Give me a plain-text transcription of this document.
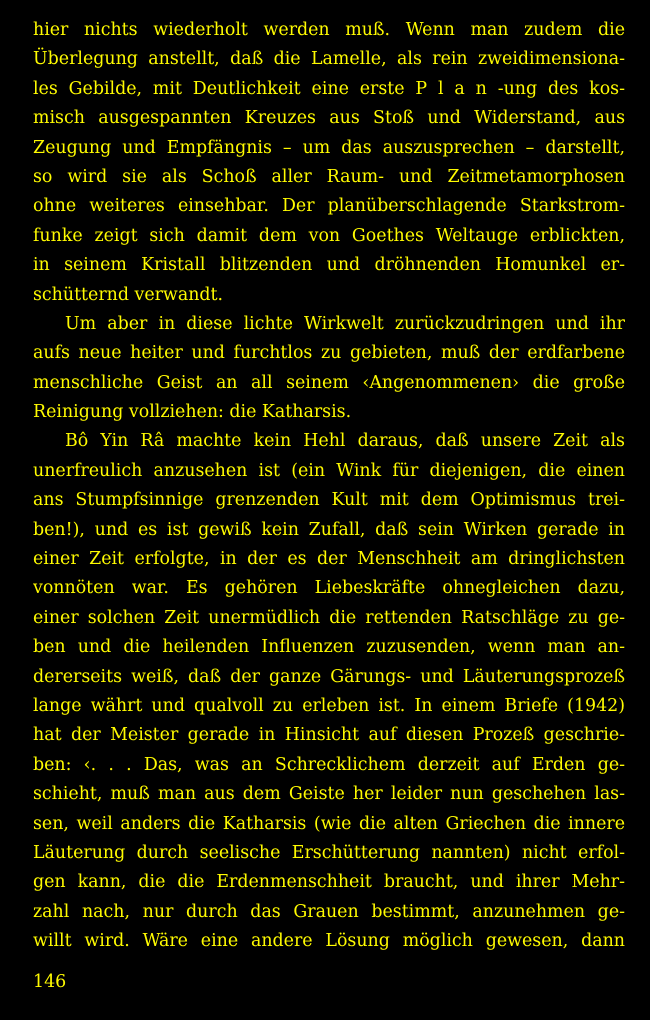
hier nichts wiederholt werden muß. Wenn man zudem die
Überlegung anstellt, daß die Lamelle, als rein zweidimensiona-
les Gebilde, mit Deutlichkeit eine erste P l a n -ung des kos-
misch ausgespannten Kreuzes aus Stoß und Widerstand, aus
Zeugung und Empfängnis – um das auszusprechen – darstellt,
so wird sie als Schoß aller Raum- und Zeitmetamorphosen
ohne weiteres einsehbar. Der planüberschlagende Starkstrom-
funke zeigt sich damit dem von Goethes Weltauge erblickten,
in seinem Kristall blitzenden und dröhnenden Homunkel er-
schütternd verwandt.
Um aber in diese lichte Wirkwelt zurückzudringen und ihr
aufs neue heiter und furchtlos zu gebieten, muß der erdfarbene
menschliche Geist an all seinem ‹Angenommenen› die große
Reinigung vollziehen: die Katharsis.
Bô Yin Râ machte kein Hehl daraus, daß unsere Zeit als
unerfreulich anzusehen ist (ein Wink für diejenigen, die einen
ans Stumpfsinnige grenzenden Kult mit dem Optimismus trei-
ben!), und es ist gewiß kein Zufall, daß sein Wirken gerade in
einer Zeit erfolgte, in der es der Menschheit am dringlichsten
vonnöten war. Es gehören Liebeskräfte ohnegleichen dazu,
einer solchen Zeit unermüdlich die rettenden Ratschläge zu ge-
ben und die heilenden Influenzen zuzusenden, wenn man an-
dererseits weiß, daß der ganze Gärungs- und Läuterungsprozeß
lange währt und qualvoll zu erleben ist. In einem Briefe (1942)
hat der Meister gerade in Hinsicht auf diesen Prozeß geschrie-
ben: ‹. . . Das, was an Schrecklichem derzeit auf Erden ge-
schieht, muß man aus dem Geiste her leider nun geschehen las-
sen, weil anders die Katharsis (wie die alten Griechen die innere
Läuterung durch seelische Erschütterung nannten) nicht erfol-
gen kann, die die Erdenmenschheit braucht, und ihrer Mehr-
zahl nach, nur durch das Grauen bestimmt, anzunehmen ge-
willt wird. Wäre eine andere Lösung möglich gewesen, dann
146
